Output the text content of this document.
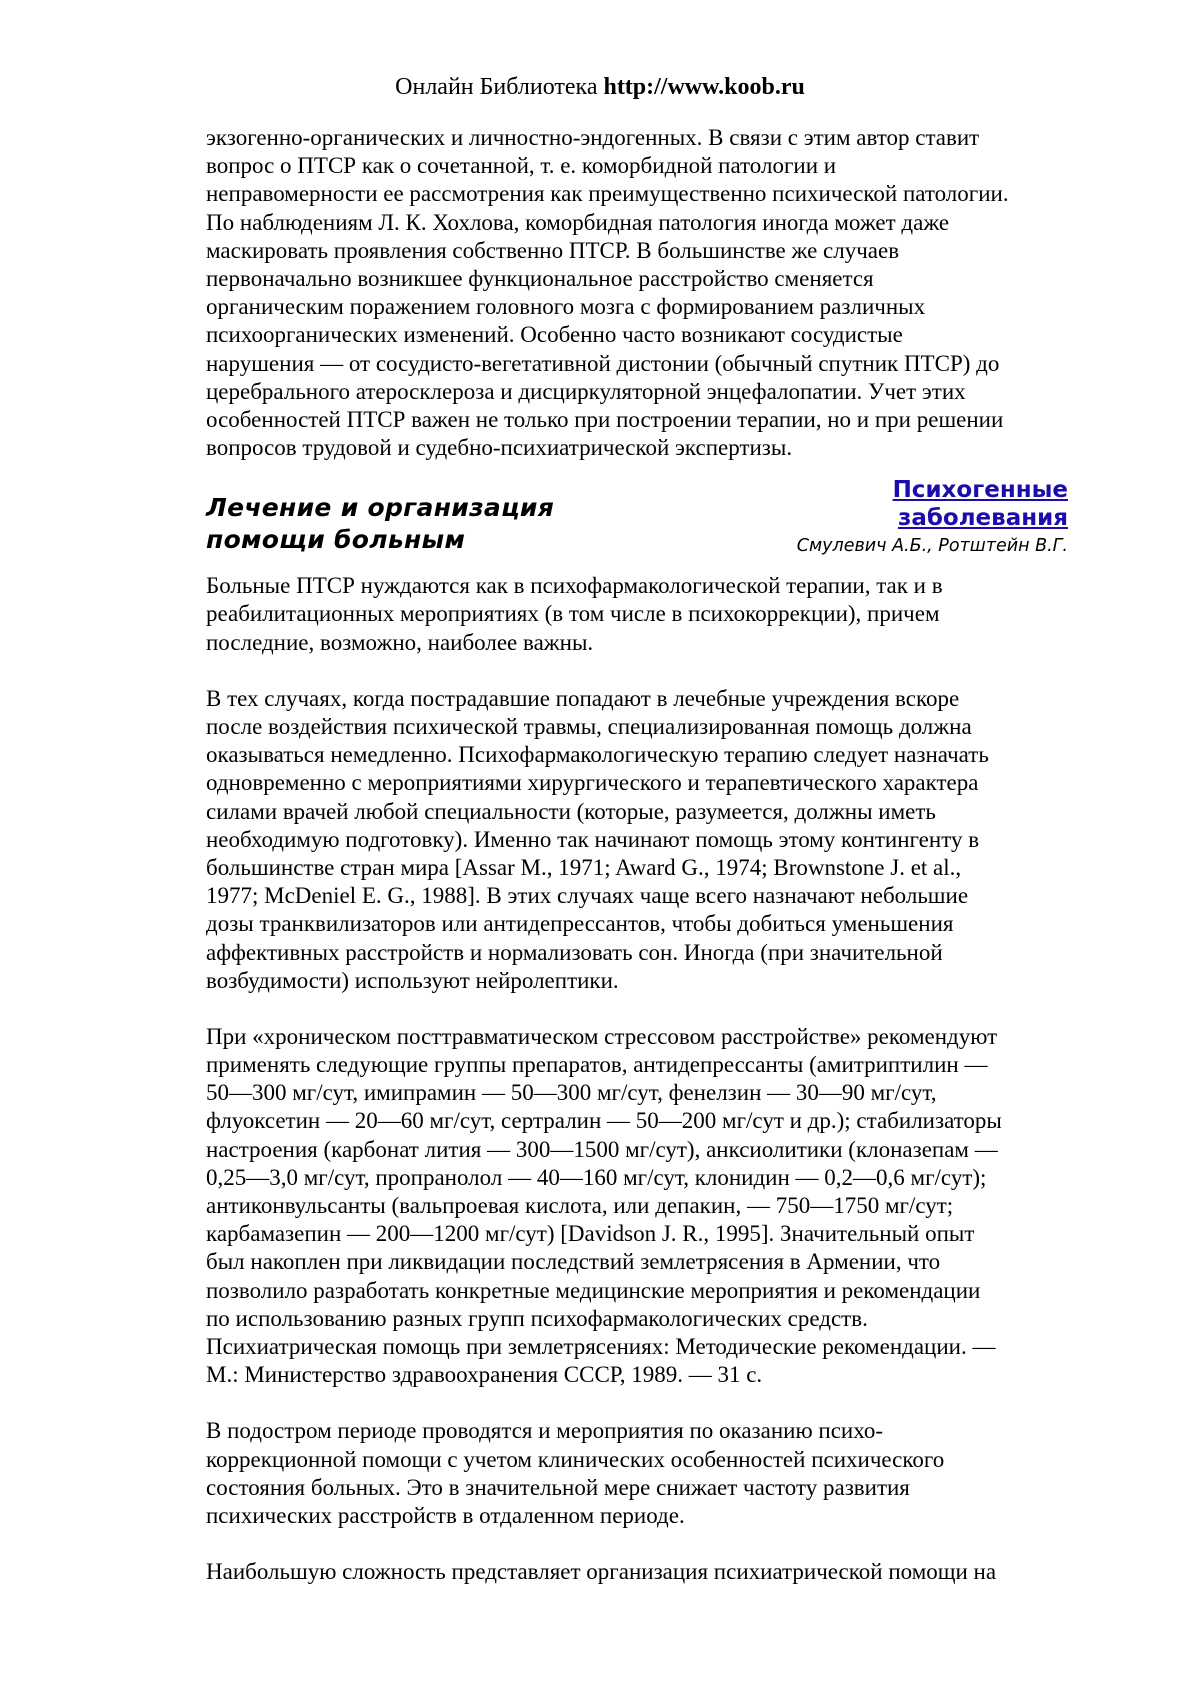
Онлайн Библиотека http://www.koob.ru
экзогенно-органических и личностно-эндогенных. В связи с этим автор ставит
вопрос о ПТСР как о сочетанной, т. е. коморбидной патологии и
неправомерности ее рассмотрения как преимущественно психической патологии.
По наблюдениям Л. К. Хохлова, коморбидная патология иногда может даже
маскировать проявления собственно ПТСР. В большинстве же случаев
первоначально возникшее функциональное расстройство сменяется
органическим поражением головного мозга с формированием различных
психоорганических изменений. Особенно часто возникают сосудистые
нарушения — от сосудисто-вегетативной дистонии (обычный спутник ПТСР) до
церебрального атеросклероза и дисциркуляторной энцефалопатии. Учет этих
особенностей ПТСР важен не только при построении терапии, но и при решении
вопросов трудовой и судебно-психиатрической экспертизы.
Лечение и организация
помощи больным
Психогенные
заболевания
Смулевич А.Б., Ротштейн В.Г.
Больные ПТСР нуждаются как в психофармакологической терапии, так и в
реабилитационных мероприятиях (в том числе в психокоррекции), причем
последние, возможно, наиболее важны.
В тех случаях, когда пострадавшие попадают в лечебные учреждения вскоре
после воздействия психической травмы, специализированная помощь должна
оказываться немедленно. Психофармакологическую терапию следует назначать
одновременно с мероприятиями хирургического и терапевтического характера
силами врачей любой специальности (которые, разумеется, должны иметь
необходимую подготовку). Именно так начинают помощь этому контингенту в
большинстве стран мира [Assar M., 1971; Award G., 1974; Brownstone J. et al.,
1977; McDeniel E. G., 1988]. В этих случаях чаще всего назначают небольшие
дозы транквилизаторов или антидепрессантов, чтобы добиться уменьшения
аффективных расстройств и нормализовать сон. Иногда (при значительной
возбудимости) используют нейролептики.
При «хроническом посттравматическом стрессовом расстройстве» рекомендуют
применять следующие группы препаратов, антидепрессанты (амитриптилин —
50—300 мг/сут, имипрамин — 50—300 мг/сут, фенелзин — 30—90 мг/сут,
флуоксетин — 20—60 мг/сут, сертралин — 50—200 мг/сут и др.); стабилизаторы
настроения (карбонат лития — 300—1500 мг/сут), анксиолитики (клоназепам —
0,25—3,0 мг/сут, пропранолол — 40—160 мг/сут, клонидин — 0,2—0,6 мг/сут);
антиконвульсанты (вальпроевая кислота, или депакин, — 750—1750 мг/сут;
карбамазепин — 200—1200 мг/сут) [Davidson J. R., 1995]. Значительный опыт
был накоплен при ликвидации последствий землетрясения в Армении, что
позволило разработать конкретные медицинские мероприятия и рекомендации
по использованию разных групп психофармакологических средств.
Психиатрическая помощь при землетрясениях: Методические рекомендации. —
М.: Министерство здравоохранения СССР, 1989. — 31 с.
В подостром периоде проводятся и мероприятия по оказанию психо-
коррекционной помощи с учетом клинических особенностей психического
состояния больных. Это в значительной мере снижает частоту развития
психических расстройств в отдаленном периоде.
Наибольшую сложность представляет организация психиатрической помощи на
